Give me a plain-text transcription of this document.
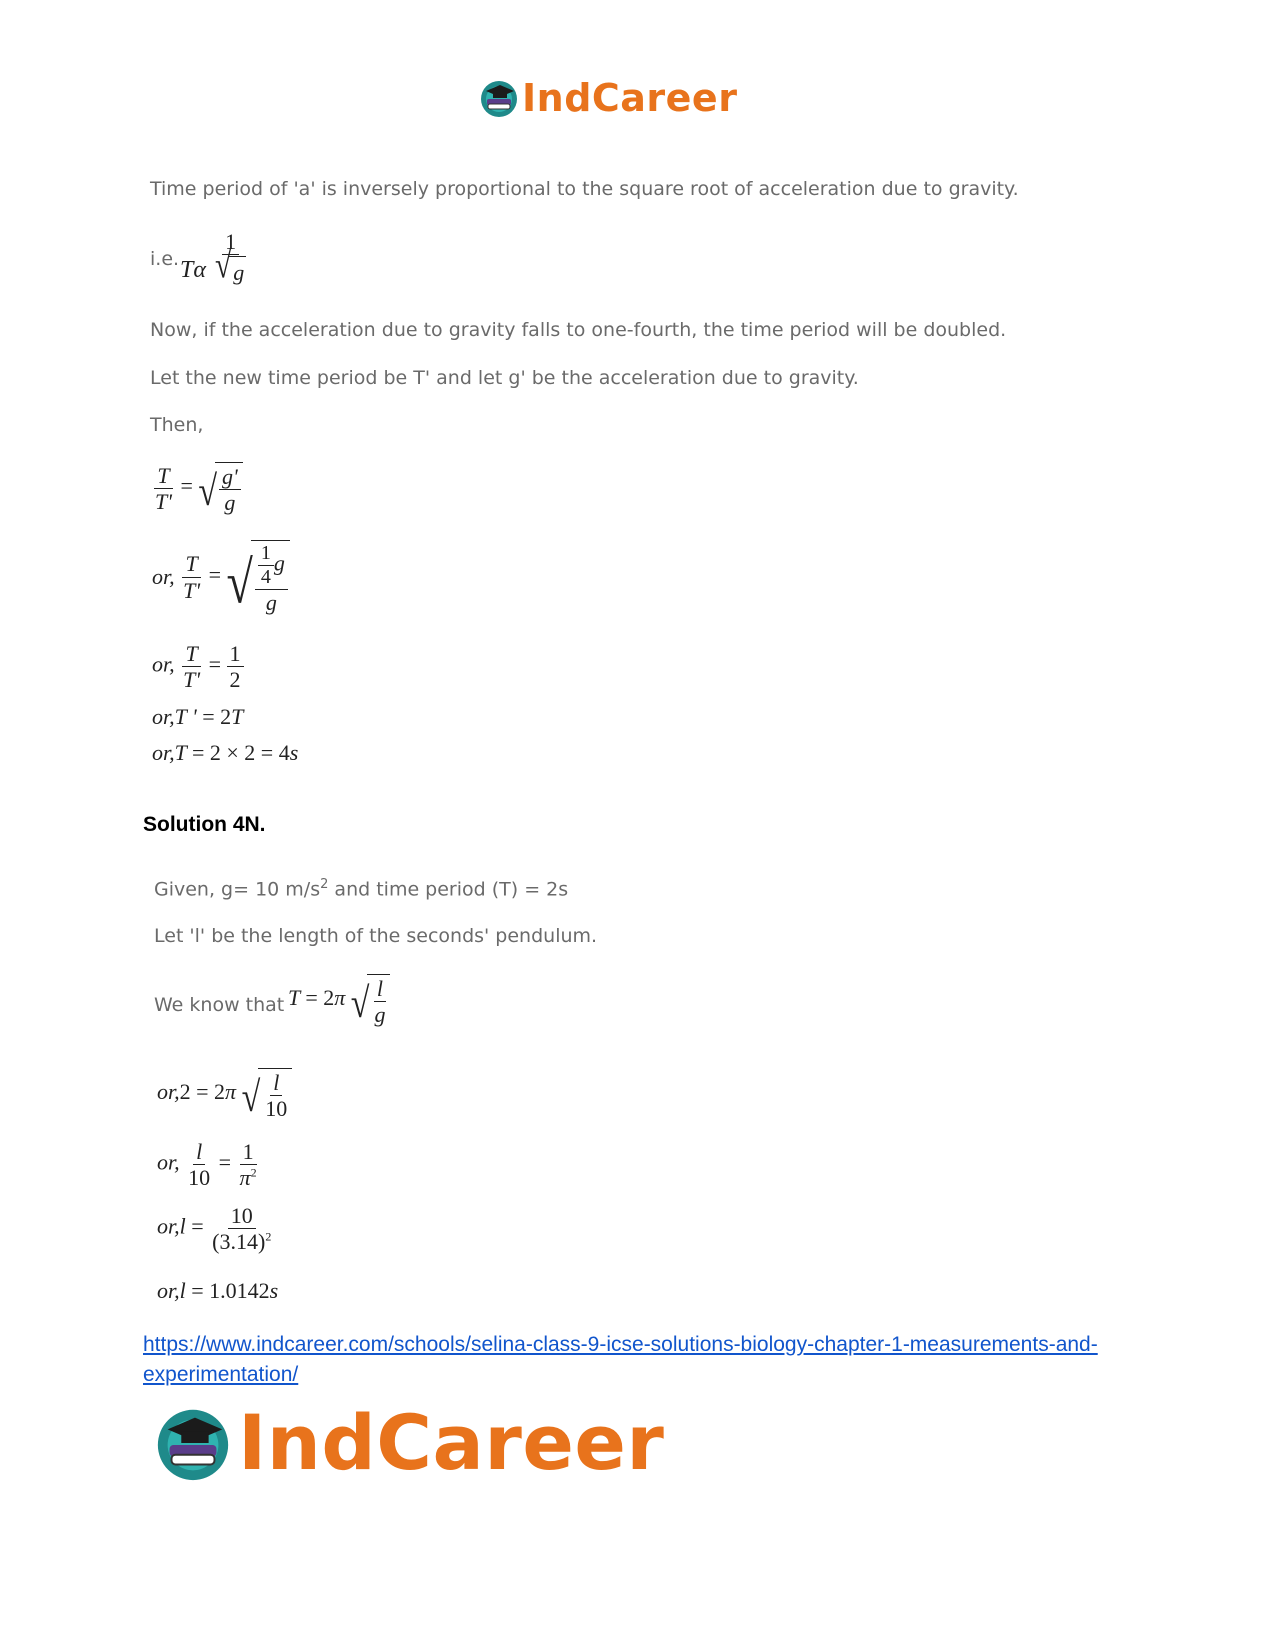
IndCareer
Time period of 'a' is inversely proportional to the square root of acceleration due to gravity.
i.e. Tα $\frac{1}{√ g}$
Now, if the acceleration due to gravity falls to one-fourth, the time period will be doubled.
Let the new time period be T' and let g' be the acceleration due to gravity.
Then,
$\frac{T}{T'}$ = √ $\frac{g'}{g}$
or, $\frac{T}{T'}$ = √ $\frac{\frac{1}{4} g}{g}$
or, $\frac{T}{T'} = \frac{1}{2}$
or,T ' = 2T
or,T = 2 × 2 = 4s
Solution 4N.
Given, g= 10 $m/s^2$ and time period (T) = 2s
Let 'l' be the length of the seconds' pendulum.
We know that T = 2π √ $\frac{l}{g}$
or,2 = 2π √ $\frac{l}{10}$
or, $\frac{l}{10} = \frac{1}{\pi^2}$
$or,l = \frac{10}{(3.14)^2}$
or,l = 1.0142s
https://www.indcareer.com/schools/selina-class-9-icse-solutions-biology-chapter-1-measurements-and-experimentation/
IndCareer
